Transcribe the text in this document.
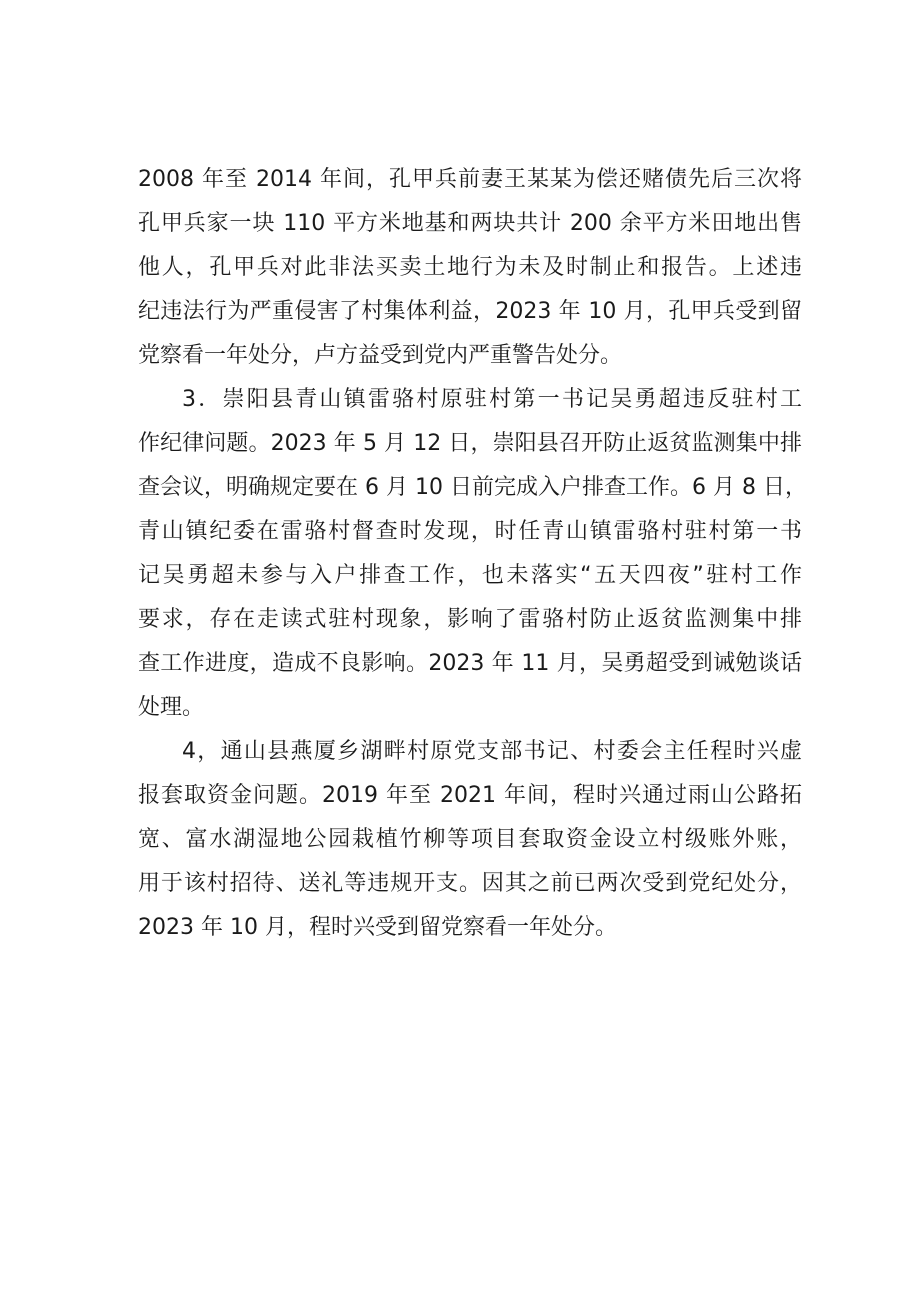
2008 年至 2014 年间，孔甲兵前妻王某某为偿还赌债先后三次将
孔甲兵家一块 110 平方米地基和两块共计 200 余平方米田地出售
他人，孔甲兵对此非法买卖土地行为未及时制止和报告。上述违
纪违法行为严重侵害了村集体利益，2023 年 10 月，孔甲兵受到留
党察看一年处分，卢方益受到党内严重警告处分。
3．崇阳县青山镇雷骆村原驻村第一书记吴勇超违反驻村工
作纪律问题。2023 年 5 月 12 日，崇阳县召开防止返贫监测集中排
查会议，明确规定要在 6 月 10 日前完成入户排查工作。6 月 8 日，
青山镇纪委在雷骆村督查时发现，时任青山镇雷骆村驻村第一书
记吴勇超未参与入户排查工作，也未落实“五天四夜”驻村工作
要求，存在走读式驻村现象，影响了雷骆村防止返贫监测集中排
查工作进度，造成不良影响。2023 年 11 月，吴勇超受到诫勉谈话
处理。
4，通山县燕厦乡湖畔村原党支部书记、村委会主任程时兴虚
报套取资金问题。2019 年至 2021 年间，程时兴通过雨山公路拓
宽、富水湖湿地公园栽植竹柳等项目套取资金设立村级账外账，
用于该村招待、送礼等违规开支。因其之前已两次受到党纪处分，
2023 年 10 月，程时兴受到留党察看一年处分。
